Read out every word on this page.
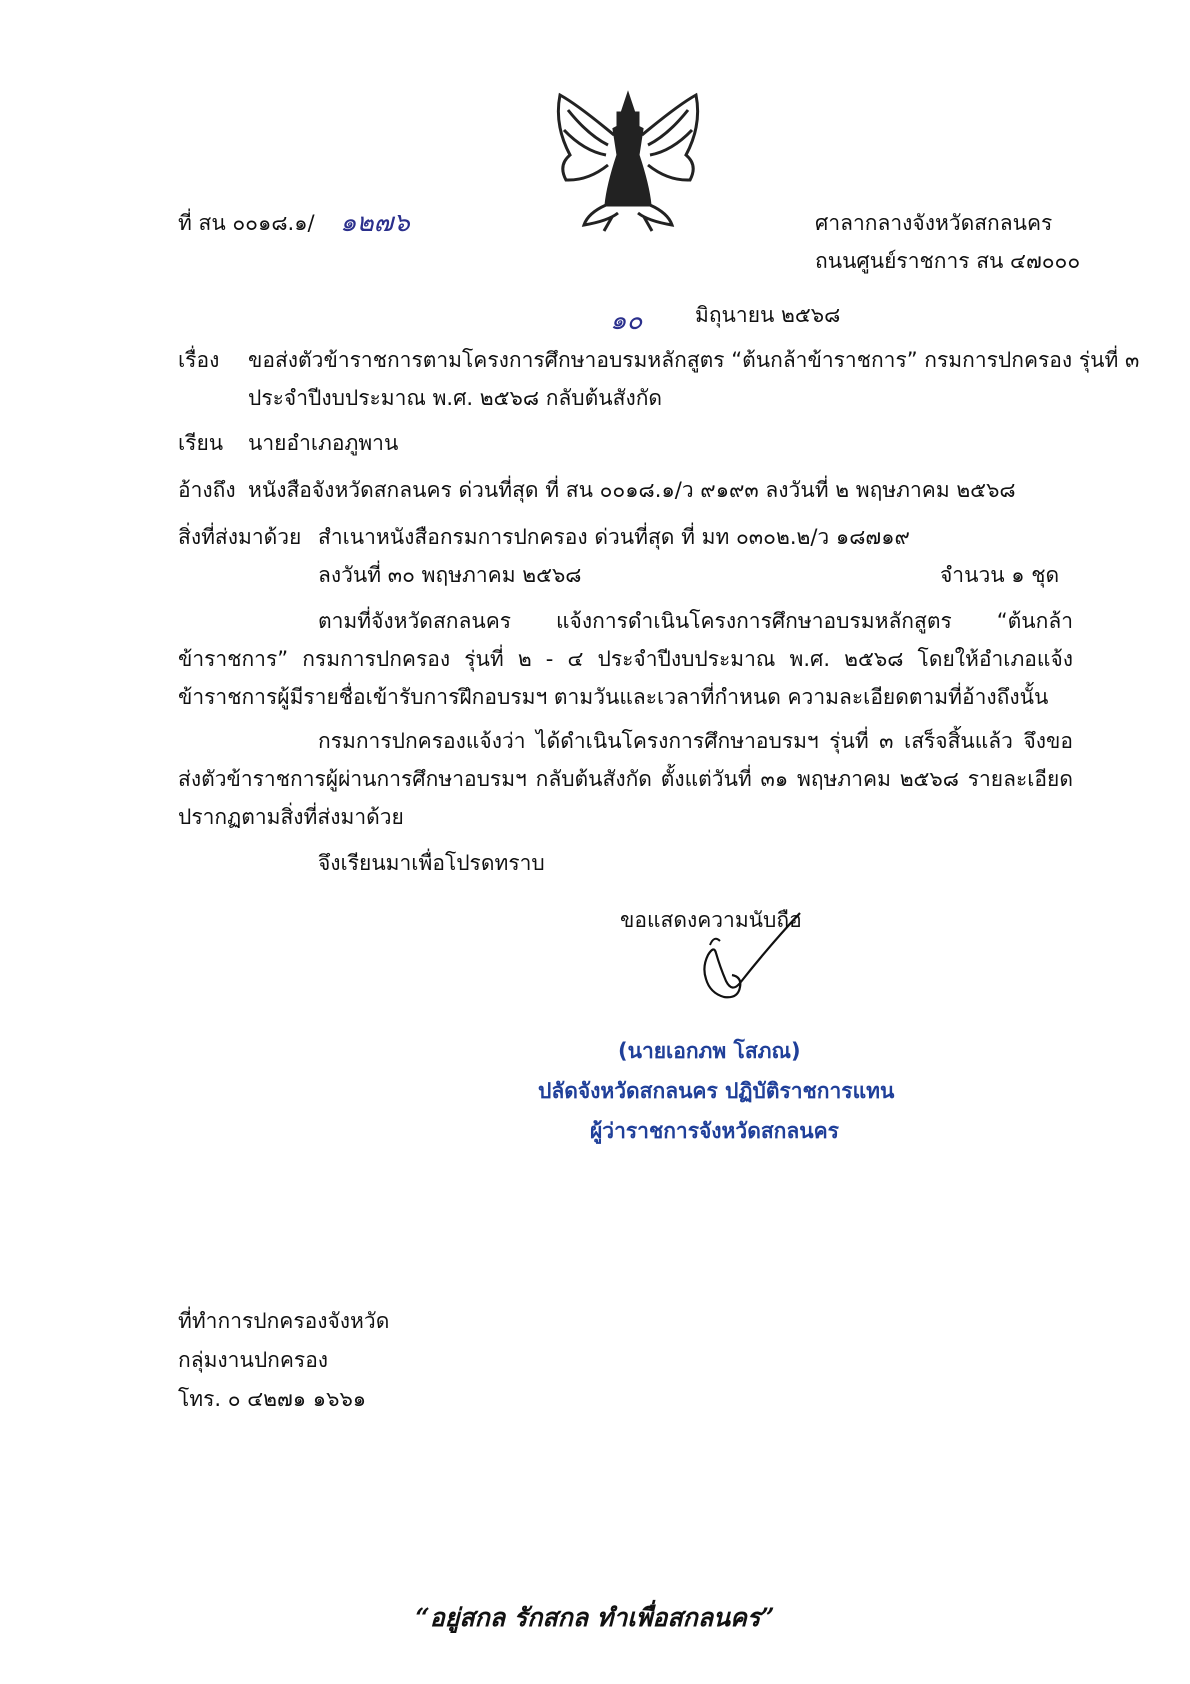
ที่ สน ๐๐๑๘.๑/ ๑๒๗๖	ศาลากลางจังหวัดสกลนคร
ถนนศูนย์ราชการ สน ๔๗๐๐๐
๑๐	มิถุนายน ๒๕๖๘
เรื่อง ขอส่งตัวข้าราชการตามโครงการศึกษาอบรมหลักสูตร “ต้นกล้าข้าราชการ” กรมการปกครอง รุ่นที่ ๓
ประจำปีงบประมาณ พ.ศ. ๒๕๖๘ กลับต้นสังกัด
เรียน นายอำเภอภูพาน
อ้างถึง หนังสือจังหวัดสกลนคร ด่วนที่สุด ที่ สน ๐๐๑๘.๑/ว ๙๑๙๓ ลงวันที่ ๒ พฤษภาคม ๒๕๖๘
สิ่งที่ส่งมาด้วย สำเนาหนังสือกรมการปกครอง ด่วนที่สุด ที่ มท ๐๓๐๒.๒/ว ๑๘๗๑๙
ลงวันที่ ๓๐ พฤษภาคม ๒๕๖๘	จำนวน ๑ ชุด
ตามที่จังหวัดสกลนคร แจ้งการดำเนินโครงการศึกษาอบรมหลักสูตร “ต้นกล้าข้าราชการ” กรมการปกครอง รุ่นที่ ๒ - ๔ ประจำปีงบประมาณ พ.ศ. ๒๕๖๘ โดยให้อำเภอแจ้งข้าราชการผู้มีรายชื่อเข้ารับการฝึกอบรมฯ ตามวันและเวลาที่กำหนด ความละเอียดตามที่อ้างถึงนั้น
กรมการปกครองแจ้งว่า ได้ดำเนินโครงการศึกษาอบรมฯ รุ่นที่ ๓ เสร็จสิ้นแล้ว จึงขอส่งตัวข้าราชการผู้ผ่านการศึกษาอบรมฯ กลับต้นสังกัด ตั้งแต่วันที่ ๓๑ พฤษภาคม ๒๕๖๘ รายละเอียดปรากฏตามสิ่งที่ส่งมาด้วย
จึงเรียนมาเพื่อโปรดทราบ
ขอแสดงความนับถือ
(นายเอกภพ โสภณ)
ปลัดจังหวัดสกลนคร ปฏิบัติราชการแทน
ผู้ว่าราชการจังหวัดสกลนคร
ที่ทำการปกครองจังหวัด
กลุ่มงานปกครอง
โทร. ๐ ๔๒๗๑ ๑๖๖๑
“อยู่สกล รักสกล ทำเพื่อสกลนคร”
